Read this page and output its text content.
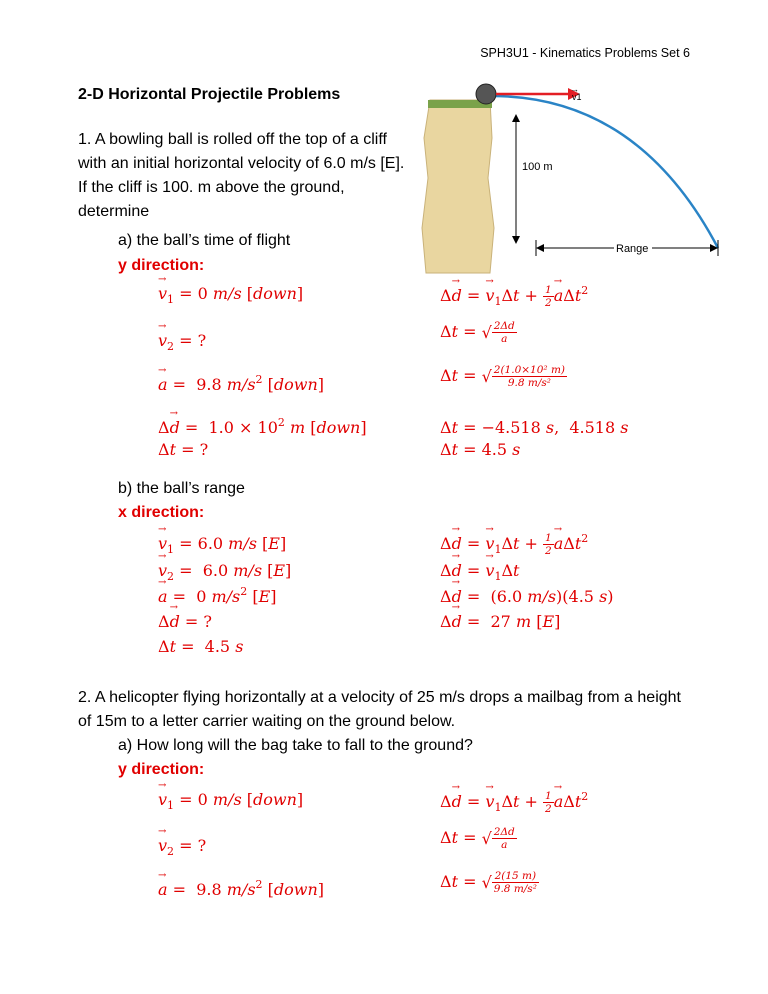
SPH3U1 - Kinematics Problems Set 6
2-D Horizontal Projectile Problems	→
v1
100 m
Range
1. A bowling ball is rolled off the top of a cliff with an initial horizontal velocity of 6.0 m/s [E]. If the cliff is 100. m above the ground, determine
a) the ball’s time of flight
y direction:
→ $v_1 = 0$ m/s [down]
→ $v_2$ = ?
→ a =  9.8 $m/s^2$ [down]
$\Delta\to d = 1.0 \times 10^2$ m [down]
Δt = ?
Δ→ d = → $v_1\Delta t + \frac{1}{2}$
→ aΔt$^2$
Δt = √ $\frac{2\Delta d}{a}$
Δt = √ $\frac{\text{2(1.0×10² m)}}{\text{9.8 m/s²}}$
Δt = −4.518 s,  4.518 s
Δt = 4.5 s
b) the ball’s range
x direction:
→ $v_1 = 6.0$ m/s [E]
→ $v_2 = 6.0$ m/s [E]
→ a =  0 $m/s^2$ [E]
Δ→ d = ?
Δt =  4.5 s
Δ→ d = → $v_1\Delta t + \frac{1}{2}$
→ aΔt$^2$
Δ→ d = → $v_1\Delta t$
Δ→ d =  (6.0 m/s)(4.5 s)
Δ→ d =  27 m [E]
2. A helicopter flying horizontally at a velocity of 25 m/s drops a mailbag from a height of 15m to a letter carrier waiting on the ground below.
a) How long will the bag take to fall to the ground?
y direction:
→ $v_1 = 0$ m/s [down]
→ $v_2$ = ?
→ a =  9.8 $m/s^2$ [down]
Δ→ d = → $v_1\Delta t + \frac{1}{2}$
→ aΔt$^2$
Δt = √ $\frac{2\Delta d}{a}$
Δt = √ $\frac{2(15 m)}{\text{9.8 m/s²}}$
